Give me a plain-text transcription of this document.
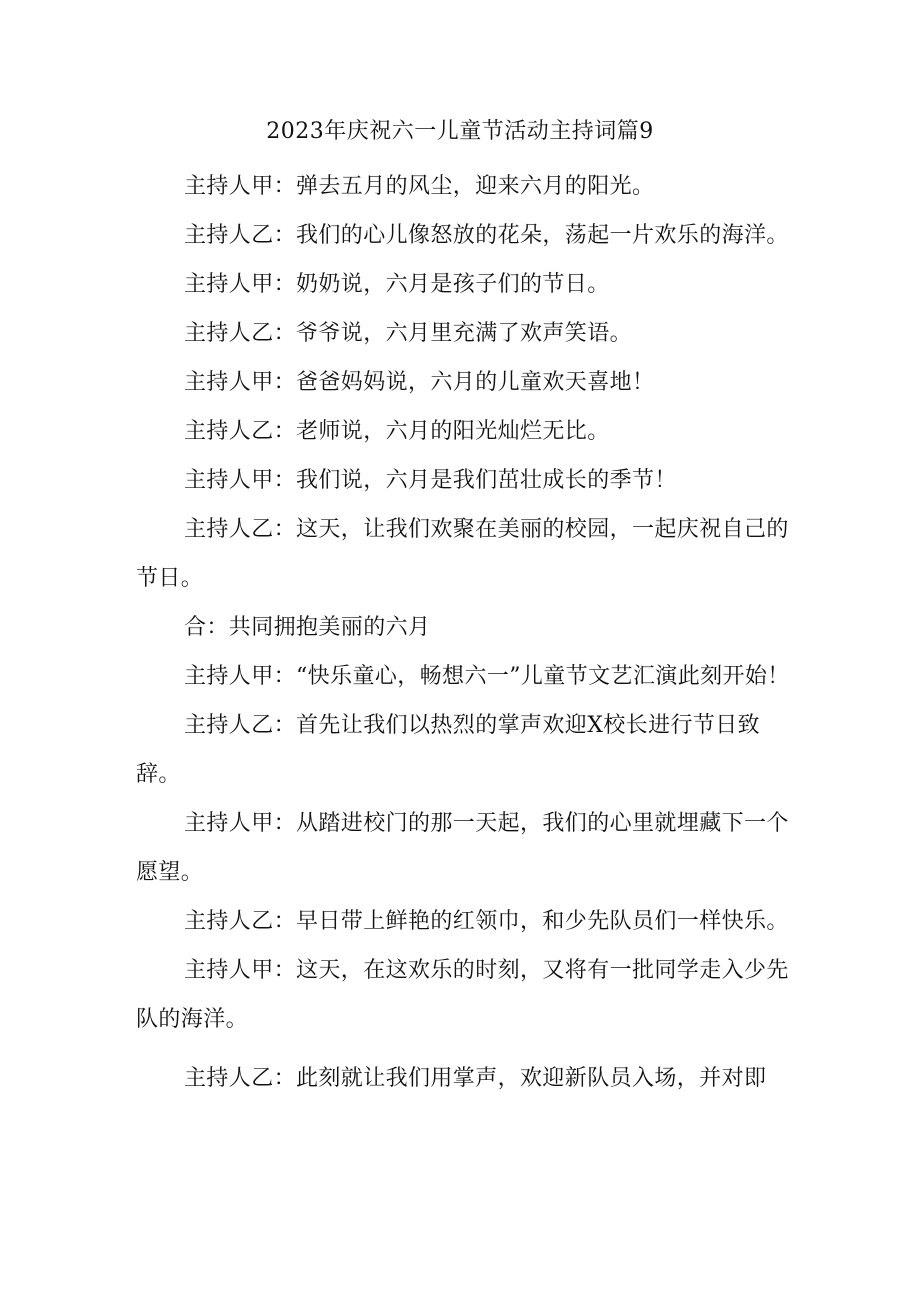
2023年庆祝六一儿童节活动主持词篇9

主持人甲：弹去五月的风尘，迎来六月的阳光。

主持人乙：我们的心儿像怒放的花朵，荡起一片欢乐的海洋。

主持人甲：奶奶说，六月是孩子们的节日。

主持人乙：爷爷说，六月里充满了欢声笑语。

主持人甲：爸爸妈妈说，六月的儿童欢天喜地！

主持人乙：老师说，六月的阳光灿烂无比。

主持人甲：我们说，六月是我们茁壮成长的季节！

主持人乙：这天，让我们欢聚在美丽的校园，一起庆祝自己的节日。

合：共同拥抱美丽的六月

主持人甲：“快乐童心，畅想六一”儿童节文艺汇演此刻开始！

主持人乙：首先让我们以热烈的掌声欢迎X校长进行节日致辞。

主持人甲：从踏进校门的那一天起，我们的心里就埋藏下一个愿望。

主持人乙：早日带上鲜艳的红领巾，和少先队员们一样快乐。

主持人甲：这天，在这欢乐的时刻，又将有一批同学走入少先队的海洋。

主持人乙：此刻就让我们用掌声，欢迎新队员入场，并对即
